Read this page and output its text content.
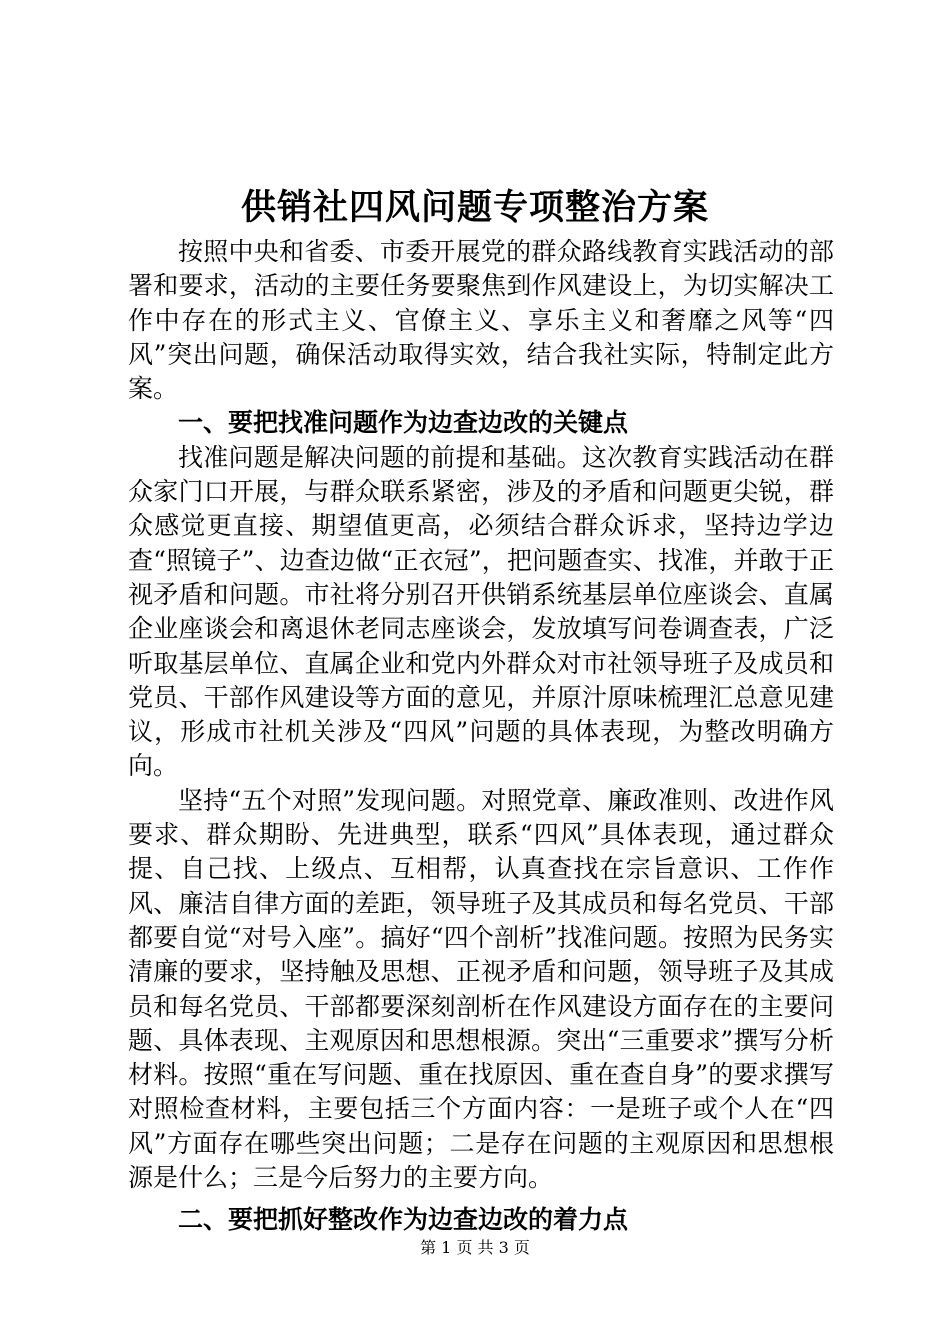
供销社四风问题专项整治方案

按照中央和省委、市委开展党的群众路线教育实践活动的部署和要求，活动的主要任务要聚焦到作风建设上，为切实解决工作中存在的形式主义、官僚主义、享乐主义和奢靡之风等“四风”突出问题，确保活动取得实效，结合我社实际，特制定此方案。

一、要把找准问题作为边查边改的关键点

找准问题是解决问题的前提和基础。这次教育实践活动在群众家门口开展，与群众联系紧密，涉及的矛盾和问题更尖锐，群众感觉更直接、期望值更高，必须结合群众诉求，坚持边学边查“照镜子”、边查边做“正衣冠”，把问题查实、找准，并敢于正视矛盾和问题。市社将分别召开供销系统基层单位座谈会、直属企业座谈会和离退休老同志座谈会，发放填写问卷调查表，广泛听取基层单位、直属企业和党内外群众对市社领导班子及成员和党员、干部作风建设等方面的意见，并原汁原味梳理汇总意见建议，形成市社机关涉及“四风”问题的具体表现，为整改明确方向。

坚持“五个对照”发现问题。对照党章、廉政准则、改进作风要求、群众期盼、先进典型，联系“四风”具体表现，通过群众提、自己找、上级点、互相帮，认真查找在宗旨意识、工作作风、廉洁自律方面的差距，领导班子及其成员和每名党员、干部都要自觉“对号入座”。搞好“四个剖析”找准问题。按照为民务实清廉的要求，坚持触及思想、正视矛盾和问题，领导班子及其成员和每名党员、干部都要深刻剖析在作风建设方面存在的主要问题、具体表现、主观原因和思想根源。突出“三重要求”撰写分析材料。按照“重在写问题、重在找原因、重在查自身”的要求撰写对照检查材料，主要包括三个方面内容：一是班子或个人在“四风”方面存在哪些突出问题；二是存在问题的主观原因和思想根源是什么；三是今后努力的主要方向。

二、要把抓好整改作为边查边改的着力点

第 1 页 共 3 页
